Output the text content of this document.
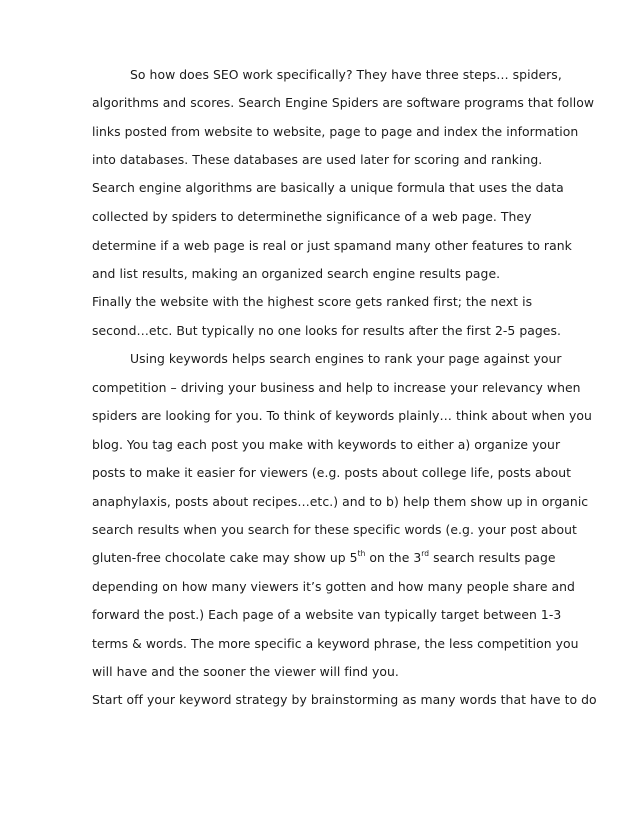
So how does SEO work specifically? They have three steps… spiders,
algorithms and scores. Search Engine Spiders are software programs that follow
links posted from website to website, page to page and index the information
into databases. These databases are used later for scoring and ranking.
Search engine algorithms are basically a unique formula that uses the data
collected by spiders to determinethe significance of a web page. They
determine if a web page is real or just spamand many other features to rank
and list results, making an organized search engine results page.
Finally the website with the highest score gets ranked first; the next is
second…etc. But typically no one looks for results after the first 2-5 pages.
Using keywords helps search engines to rank your page against your
competition – driving your business and help to increase your relevancy when
spiders are looking for you. To think of keywords plainly… think about when you
blog. You tag each post you make with keywords to either a) organize your
posts to make it easier for viewers (e.g. posts about college life, posts about
anaphylaxis, posts about recipes…etc.) and to b) help them show up in organic
search results when you search for these specific words (e.g. your post about
gluten-free chocolate cake may show up 5th on the 3rd search results page
depending on how many viewers it’s gotten and how many people share and
forward the post.) Each page of a website van typically target between 1-3
terms & words. The more specific a keyword phrase, the less competition you
will have and the sooner the viewer will find you.
Start off your keyword strategy by brainstorming as many words that have to do
